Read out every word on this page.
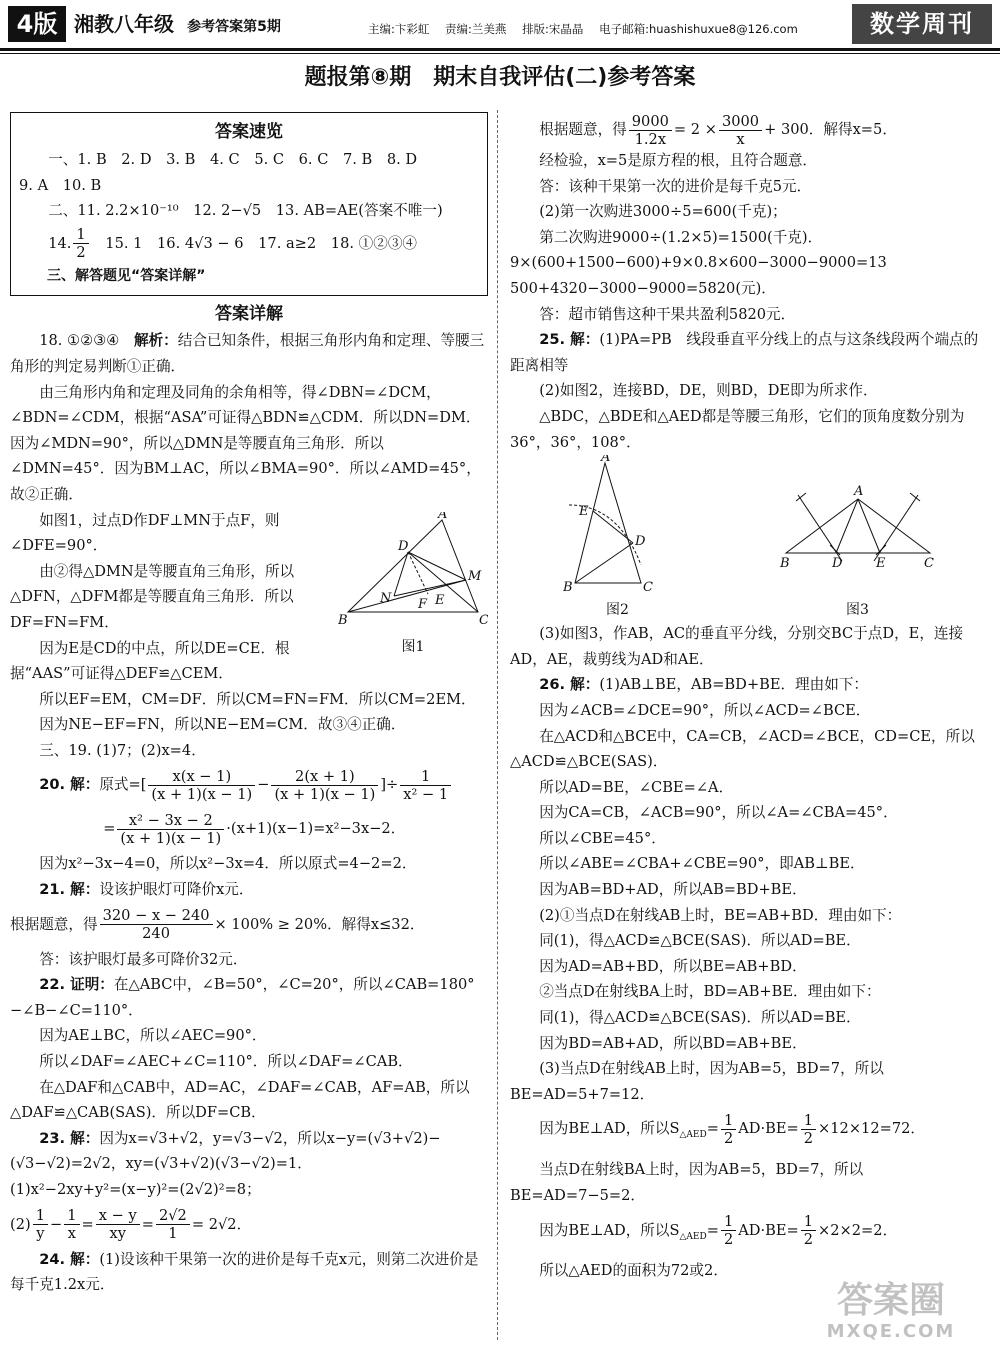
4版 湘教八年级 参考答案第5期	主编:卞彩虹 责编:兰美燕 排版:宋晶晶 电子邮箱:huashishuxue8@126.com	数学周刊
题报第⑧期　期末自我评估(二)参考答案
答案速览

一、1. B　2. D　3. B　4. C　5. C　6. C　7. B　8. D

9. A　10. B

二、11. 2.2×10⁻¹⁰　12. 2−√5　13. AB=AE(答案不唯一)

14. $\frac{1}{2}$ 　15. 1　16. 4√3 − 6　17. a≥2　18. ①②③④

三、解答题见“答案详解”

答案详解

18. ①②③④　解析：结合已知条件，根据三角形内角和定理、等腰三角形的判定易判断①正确．

由三角形内角和定理及同角的余角相等，得∠DBN=∠DCM，∠BDN=∠CDM，根据“ASA”可证得△BDN≌△CDM．所以DN=DM．因为∠MDN=90°，所以△DMN是等腰直角三角形．所以∠DMN=45°．因为BM⊥AC，所以∠BMA=90°．所以∠AMD=45°，故②正确．

A
B	C
D
E
F
M
N
图1

如图1，过点D作DF⊥MN于点F，则∠DFE=90°．

由②得△DMN是等腰直角三角形，所以△DFN，△DFM都是等腰直角三角形．所以DF=FN=FM．

因为E是CD的中点，所以DE=CE．根据“AAS”可证得△DEF≌△CEM．

所以EF=EM，CM=DF．所以CM=FN=FM．所以CM=2EM．

因为NE−EF=FN，所以NE−EM=CM．故③④正确．

三、19. (1)7；(2)x=4．

20. 解：原式=[ $\frac{x(x - 1)}{(x + 1)(x - 1)} - \frac{2(x + 1)}{(x + 1)(x - 1)}$ ]÷ $\frac{1}{\text{x² − 1}}$

= $\frac{\text{x² − 3x − 2}}{(x + 1)(x - 1)} \cdot(x+1)(x-1)=x^2-3x-2$．

因为x²−3x−4=0，所以x²−3x=4．所以原式=4−2=2．

21. 解：设该护眼灯可降价x元．

根据题意，得 $\frac{320 - x - 240}{240} \times 100\% \ge 20\%$．解得x≤32．

答：该护眼灯最多可降价32元．

22. 证明：在△ABC中，∠B=50°，∠C=20°，所以∠CAB=180°−∠B−∠C=110°．

因为AE⊥BC，所以∠AEC=90°．

所以∠DAF=∠AEC+∠C=110°．所以∠DAF=∠CAB．

在△DAF和△CAB中，AD=AC，∠DAF=∠CAB，AF=AB，所以△DAF≌△CAB(SAS)．所以DF=CB．

23. 解：因为x=√3+√2，y=√3−√2，所以x−y=(√3+√2)−(√3−√2)=2√2，xy=(√3+√2)(√3−√2)=1．

(1)x²−2xy+y²=(x−y)²=(2√2)²=8；

$(2) \frac{1}{y} - \frac{1}{x} = \frac{x - y}{xy} = \frac{2√2}{1} = 2√2$．

24. 解：(1)设该种干果第一次的进价是每千克x元，则第二次进价是每千克1.2x元．

根据题意，得 $\frac{9000}{1.2x} = 2 \times \frac{3000}{x} + 300$．解得x=5．

经检验，x=5是原方程的根，且符合题意．

答：该种干果第一次的进价是每千克5元．

(2)第一次购进3000÷5=600(千克)；

第二次购进9000÷(1.2×5)=1500(千克)．

9×(600+1500−600)+9×0.8×600−3000−9000=13 500+4320−3000−9000=5820(元)．

答：超市销售这种干果共盈利5820元．

25. 解：(1)PA=PB　线段垂直平分线上的点与这条线段两个端点的距离相等

(2)如图2，连接BD，DE，则BD，DE即为所求作．

△BDC，△BDE和△AED都是等腰三角形，它们的顶角度数分别为36°，36°，108°．

A
B	C
D
E
图2
A
B	C
D	E
图3

(3)如图3，作AB，AC的垂直平分线，分别交BC于点D，E，连接AD，AE，裁剪线为AD和AE．

26. 解：(1)AB⊥BE，AB=BD+BE．理由如下：

因为∠ACB=∠DCE=90°，所以∠ACD=∠BCE．

在△ACD和△BCE中，CA=CB，∠ACD=∠BCE，CD=CE，所以△ACD≌△BCE(SAS)．

所以AD=BE，∠CBE=∠A．

因为CA=CB，∠ACB=90°，所以∠A=∠CBA=45°．

所以∠CBE=45°．

所以∠ABE=∠CBA+∠CBE=90°，即AB⊥BE．

因为AB=BD+AD，所以AB=BD+BE．

(2)①当点D在射线AB上时，BE=AB+BD．理由如下：

同(1)，得△ACD≌△BCE(SAS)．所以AD=BE．

因为AD=AB+BD，所以BE=AB+BD．

②当点D在射线BA上时，BD=AB+BE．理由如下：

同(1)，得△ACD≌△BCE(SAS)．所以AD=BE．

因为BD=AB+AD，所以BD=AB+BE．

(3)当点D在射线AB上时，因为AB=5，BD=7，所以BE=AD=5+7=12．

因为BE⊥AD，所以$S_{\triangle AED}= \frac{1}{2} AD\cdot BE= \frac{1}{2} \times 12\times 12=72$．

当点D在射线BA上时，因为AB=5，BD=7，所以BE=AD=7−5=2．

因为BE⊥AD，所以$S_{\triangle AED}= \frac{1}{2} AD\cdot BE= \frac{1}{2} \times 2\times 2=2$．

所以△AED的面积为72或2．

答案圈
MXQE.COM
